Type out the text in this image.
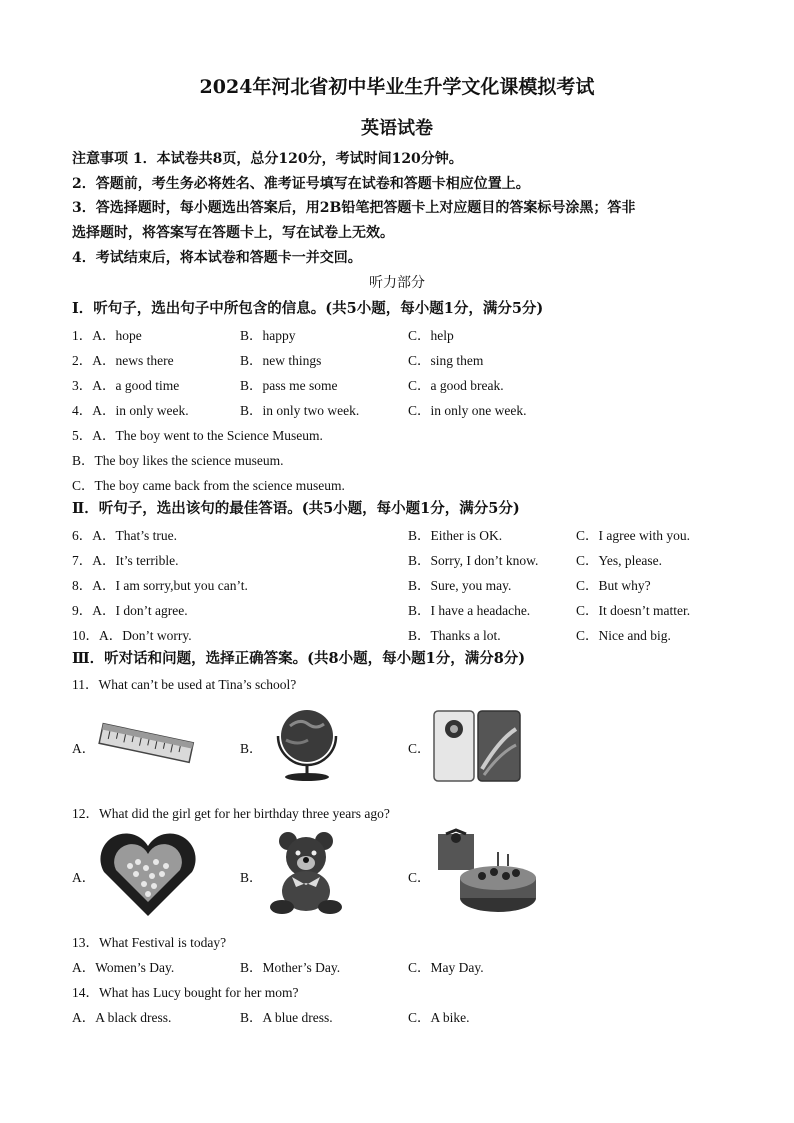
2024年河北省初中毕业生升学文化课模拟考试
英语试卷
注意事项 1．本试卷共8页，总分120分，考试时间120分钟。
2．答题前，考生务必将姓名、准考证号填写在试卷和答题卡相应位置上。
3．答选择题时，每小题选出答案后，用2B铅笔把答题卡上对应题目的答案标号涂黑；答非
选择题时，将答案写在答题卡上，写在试卷上无效。
4．考试结束后，将本试卷和答题卡一并交回。
听力部分
Ⅰ．听句子，选出句子中所包含的信息。(共5小题，每小题1分，满分5分)
1．A．hope	B．happy	C．help
2．A．news there	B．new things	C．sing them
3．A．a good time	B．pass me some	C．a good break.
4．A．in only week.	B．in only two week.	C．in only one week.
5．A．The boy went to the Science Museum.
B．The boy likes the science museum.
C．The boy came back from the science museum.
Ⅱ．听句子，选出该句的最佳答语。(共5小题，每小题1分，满分5分)
6．A．That’s true.	B．Either is OK.	C．I agree with you.
7．A．It’s terrible.	B．Sorry, I don’t know.	C．Yes, please.
8．A．I am sorry,but you can’t.	B．Sure, you may.	C．But why?
9．A．I don’t agree.	B．I have a headache.	C．It doesn’t matter.
10．A．Don’t worry.	B．Thanks a lot.	C．Nice and big.
Ⅲ．听对话和问题，选择正确答案。(共8小题，每小题1分，满分8分)
11．What can’t be used at Tina’s school?
A．	B．	C．
12．What did the girl get for her birthday three years ago?
A．	B．	C．
13．What Festival is today?
A．Women’s Day.	B．Mother’s Day.	C．May Day.
14．What has Lucy bought for her mom?
A．A black dress.	B．A blue dress.	C．A bike.
